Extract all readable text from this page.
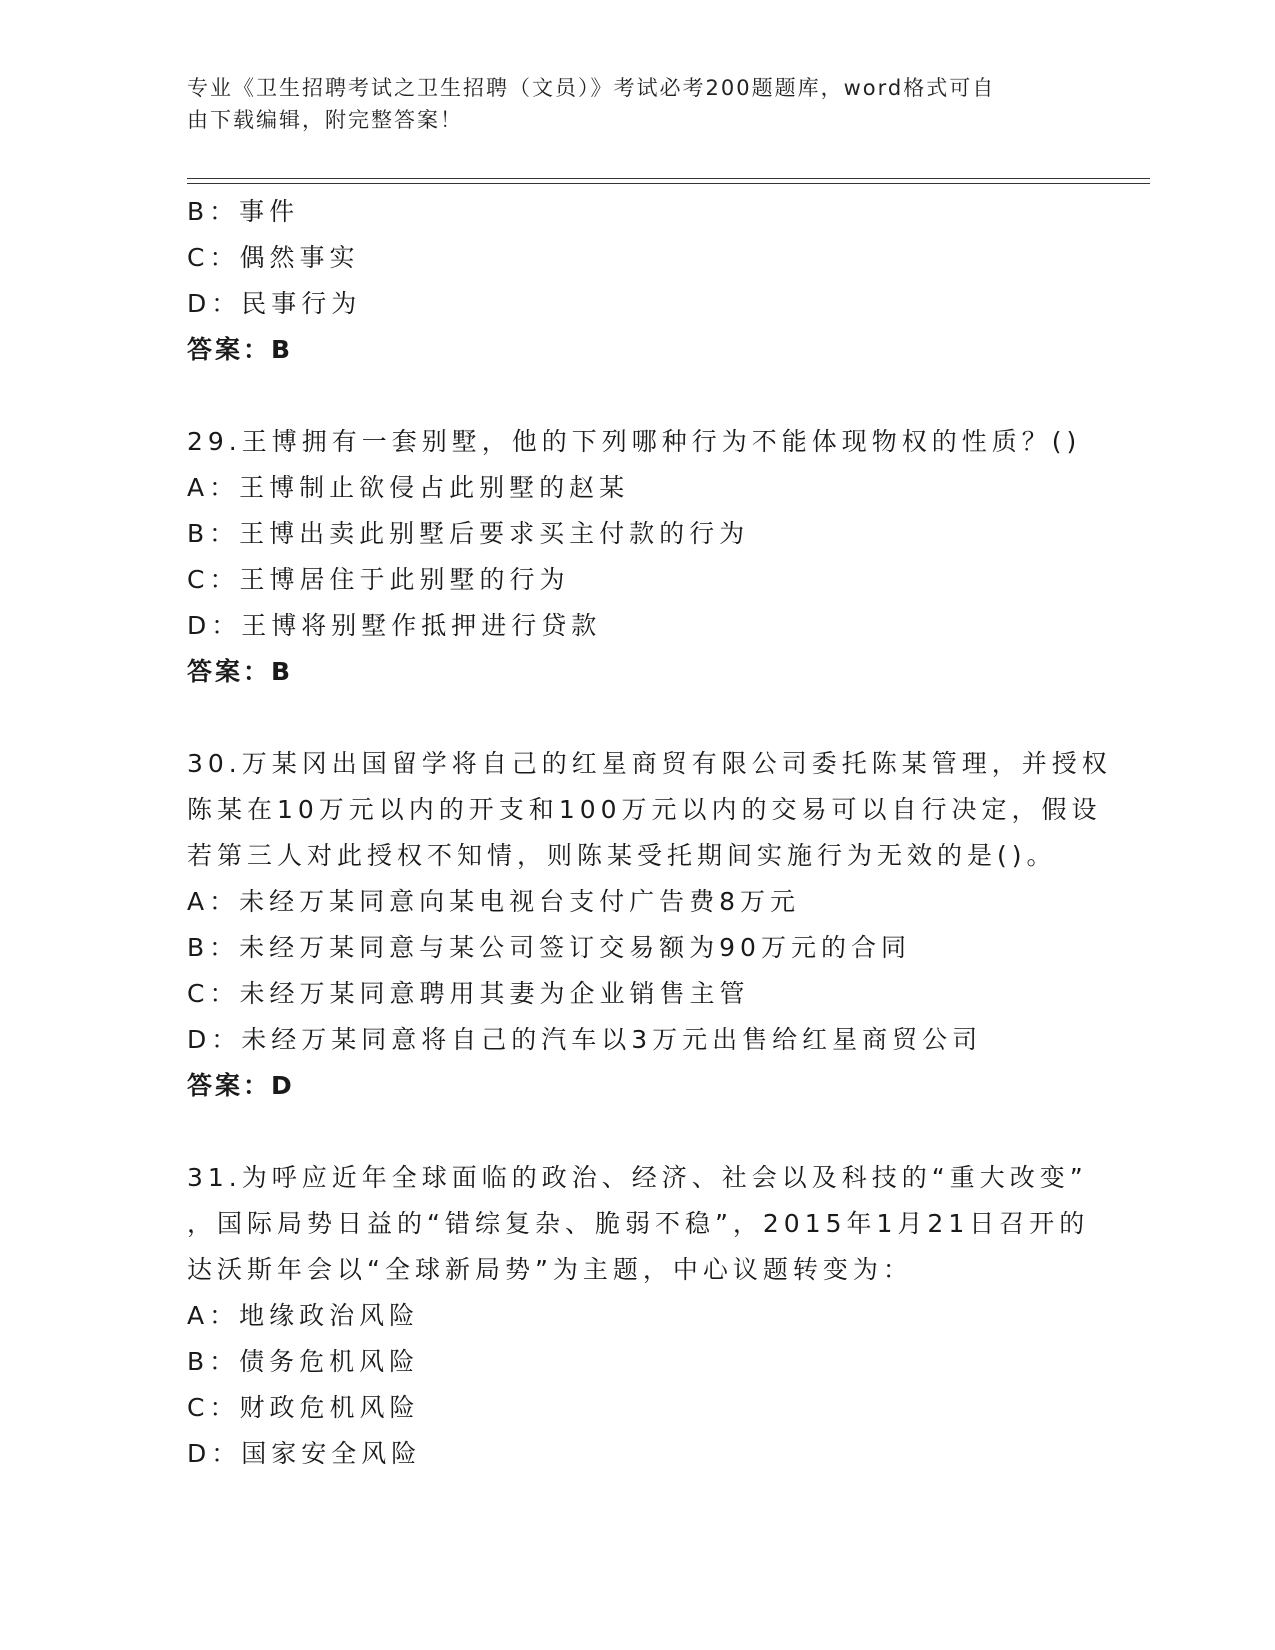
专业《卫生招聘考试之卫生招聘（文员）》考试必考200题题库，word格式可自
由下载编辑，附完整答案！
B：事件
C：偶然事实
D：民事行为
答案：B
29.王博拥有一套别墅，他的下列哪种行为不能体现物权的性质？()
A：王博制止欲侵占此别墅的赵某
B：王博出卖此别墅后要求买主付款的行为
C：王博居住于此别墅的行为
D：王博将别墅作抵押进行贷款
答案：B
30.万某冈出国留学将自己的红星商贸有限公司委托陈某管理，并授权
陈某在10万元以内的开支和100万元以内的交易可以自行决定，假设
若第三人对此授权不知情，则陈某受托期间实施行为无效的是()。
A：未经万某同意向某电视台支付广告费8万元
B：未经万某同意与某公司签订交易额为90万元的合同
C：未经万某同意聘用其妻为企业销售主管
D：未经万某同意将自己的汽车以3万元出售给红星商贸公司
答案：D
31.为呼应近年全球面临的政治、经济、社会以及科技的“重大改变”
，国际局势日益的“错综复杂、脆弱不稳”，2015年1月21日召开的
达沃斯年会以“全球新局势”为主题，中心议题转变为：
A：地缘政治风险
B：债务危机风险
C：财政危机风险
D：国家安全风险
